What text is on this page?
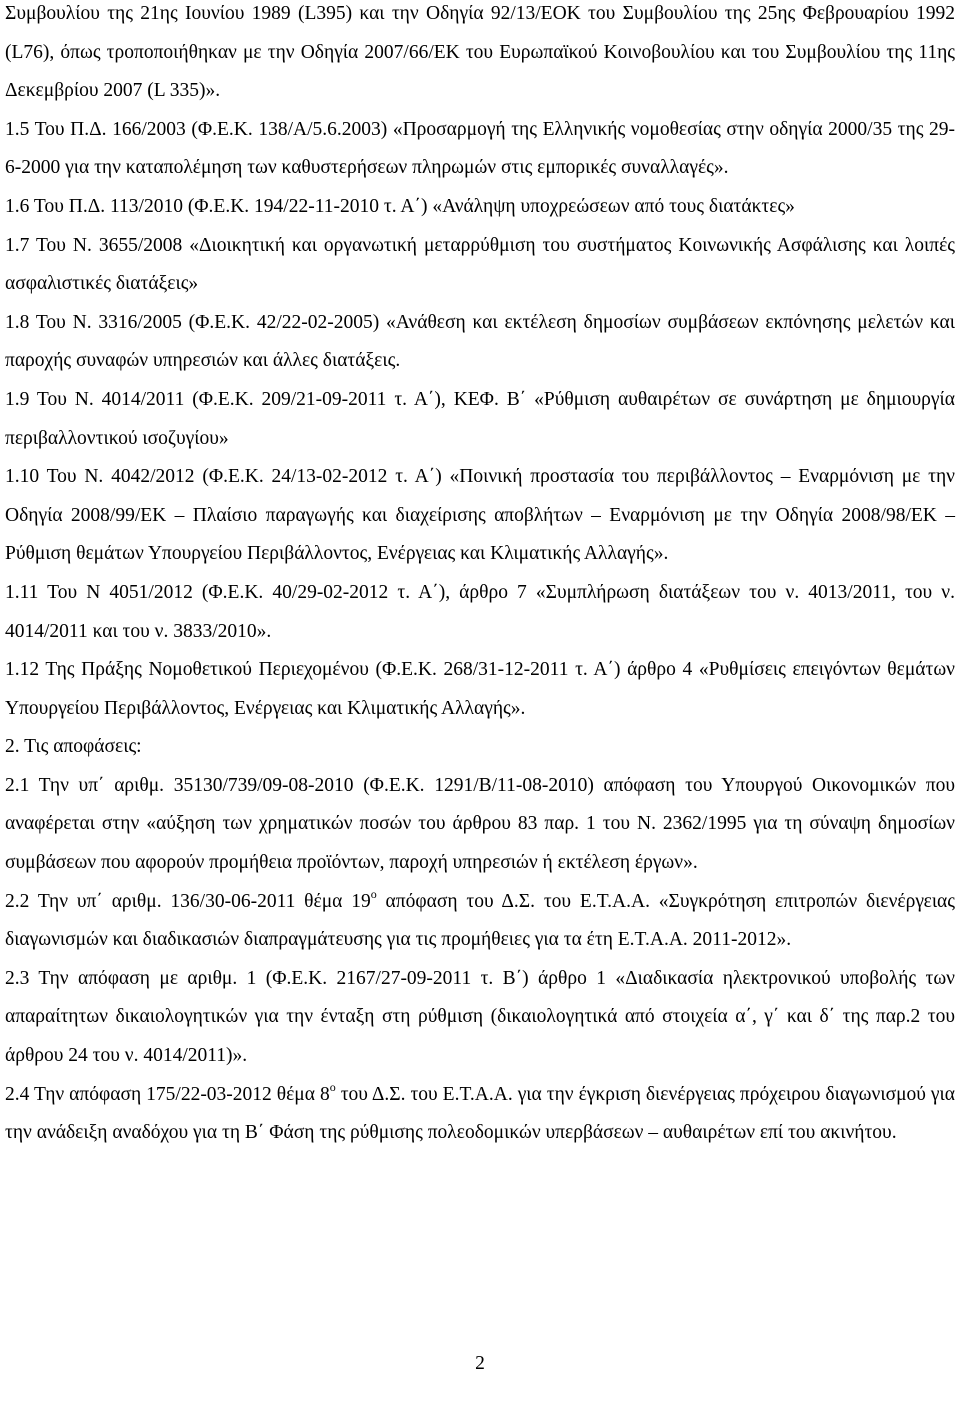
Συμβουλίου της 21ης Ιουνίου 1989 (L395) και την Οδηγία 92/13/ΕΟΚ του Συμβουλίου της 25ης Φεβρουαρίου 1992 (L76), όπως τροποποιήθηκαν με την Οδηγία 2007/66/ΕΚ του Ευρωπαϊκού Κοινοβουλίου και του Συμβουλίου της 11ης Δεκεμβρίου 2007 (L 335)».

1.5 Του Π.Δ. 166/2003 (Φ.Ε.Κ. 138/Α/5.6.2003) «Προσαρμογή της Ελληνικής νομοθεσίας στην οδηγία 2000/35 της 29-6-2000 για την καταπολέμηση των καθυστερήσεων πληρωμών στις εμπορικές συναλλαγές».

1.6 Του Π.Δ. 113/2010 (Φ.Ε.Κ. 194/22-11-2010 τ. Α΄) «Ανάληψη υποχρεώσεων από τους διατάκτες»

1.7 Του Ν. 3655/2008 «Διοικητική και οργανωτική μεταρρύθμιση του συστήματος Κοινωνικής Ασφάλισης και λοιπές ασφαλιστικές διατάξεις»

1.8 Του Ν. 3316/2005 (Φ.Ε.Κ. 42/22-02-2005) «Ανάθεση και εκτέλεση δημοσίων συμβάσεων εκπόνησης μελετών και παροχής συναφών υπηρεσιών και άλλες διατάξεις.

1.9 Του Ν. 4014/2011 (Φ.Ε.Κ. 209/21-09-2011 τ. Α΄), ΚΕΦ. Β΄ «Ρύθμιση αυθαιρέτων σε συνάρτηση με δημιουργία περιβαλλοντικού ισοζυγίου»

1.10 Του Ν. 4042/2012 (Φ.Ε.Κ. 24/13-02-2012 τ. Α΄) «Ποινική προστασία του περιβάλλοντος – Εναρμόνιση με την Οδηγία 2008/99/ΕΚ – Πλαίσιο παραγωγής και διαχείρισης αποβλήτων – Εναρμόνιση με την Οδηγία 2008/98/ΕΚ – Ρύθμιση θεμάτων Υπουργείου Περιβάλλοντος, Ενέργειας και Κλιματικής Αλλαγής».

1.11 Του Ν 4051/2012 (Φ.Ε.Κ. 40/29-02-2012 τ. Α΄), άρθρο 7 «Συμπλήρωση διατάξεων του ν. 4013/2011, του ν. 4014/2011 και του ν. 3833/2010».

1.12 Της Πράξης Νομοθετικού Περιεχομένου (Φ.Ε.Κ. 268/31-12-2011 τ. Α΄) άρθρο 4 «Ρυθμίσεις επειγόντων θεμάτων Υπουργείου Περιβάλλοντος, Ενέργειας και Κλιματικής Αλλαγής».

2. Τις αποφάσεις:

2.1 Την υπ΄ αριθμ. 35130/739/09-08-2010 (Φ.Ε.Κ. 1291/Β/11-08-2010) απόφαση του Υπουργού Οικονομικών που αναφέρεται στην «αύξηση των χρηματικών ποσών του άρθρου 83 παρ. 1 του Ν. 2362/1995 για τη σύναψη δημοσίων συμβάσεων που αφορούν προμήθεια προϊόντων, παροχή υπηρεσιών ή εκτέλεση έργων».

2.2 Την υπ΄ αριθμ. 136/30-06-2011 θέμα $19^o$ απόφαση του Δ.Σ. του Ε.Τ.Α.Α. «Συγκρότηση επιτροπών διενέργειας διαγωνισμών και διαδικασιών διαπραγμάτευσης για τις προμήθειες για τα έτη Ε.Τ.Α.Α. 2011-2012».

2.3 Την απόφαση με αριθμ. 1 (Φ.Ε.Κ. 2167/27-09-2011 τ. Β΄) άρθρο 1 «Διαδικασία ηλεκτρονικού υποβολής των απαραίτητων δικαιολογητικών για την ένταξη στη ρύθμιση (δικαιολογητικά από στοιχεία α΄, γ΄ και δ΄ της παρ.2 του άρθρου 24 του ν. 4014/2011)».

2.4 Την απόφαση 175/22-03-2012 θέμα $8^o$ του Δ.Σ. του Ε.Τ.Α.Α. για την έγκριση διενέργειας πρόχειρου διαγωνισμού για την ανάδειξη αναδόχου για τη Β΄ Φάση της ρύθμισης πολεοδομικών υπερβάσεων – αυθαιρέτων επί του ακινήτου.

2
